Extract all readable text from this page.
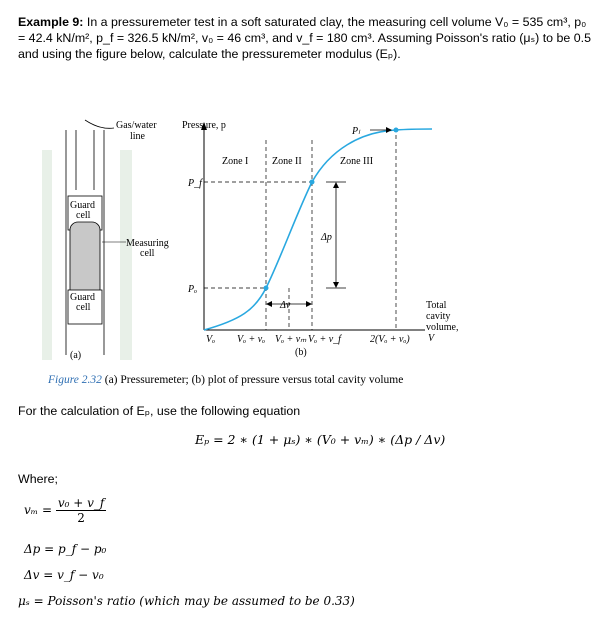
Example 9: In a pressuremeter test in a soft saturated clay, the measuring cell volume V₀ = 535 cm³, p₀ = 42.4 kN/m², p_f = 326.5 kN/m², v₀ = 46 cm³, and v_f = 180 cm³. Assuming Poisson's ratio (μₛ) to be 0.5 and using the figure below, calculate the pressuremeter modulus (Eₚ).
Gas/water
line
Guard
cell
Measuring
cell
Guard
cell
(a)
Pressure, p
Δp
Δv
Pₗ
P_f
Pₒ
Zone I Zone II	Zone III
Vₒ Vₒ + vₒ Vₒ + vₘ Vₒ + v_f	2(Vₒ + vₒ)
(b)
Total
cavity
volume,
V
Figure 2.32 (a) Pressuremeter; (b) plot of pressure versus total cavity volume
For the calculation of Eₚ, use the following equation
Eₚ = 2 ∗ (1 + μₛ) ∗ (V₀ + vₘ) ∗ (Δp / Δv)
Where;
$v_m = \frac{\text{v₀ + v\_f}}{2}$
Δp = p_f − p₀
Δv = v_f − v₀
μₛ = Poisson's ratio (which may be assumed to be 0.33)
